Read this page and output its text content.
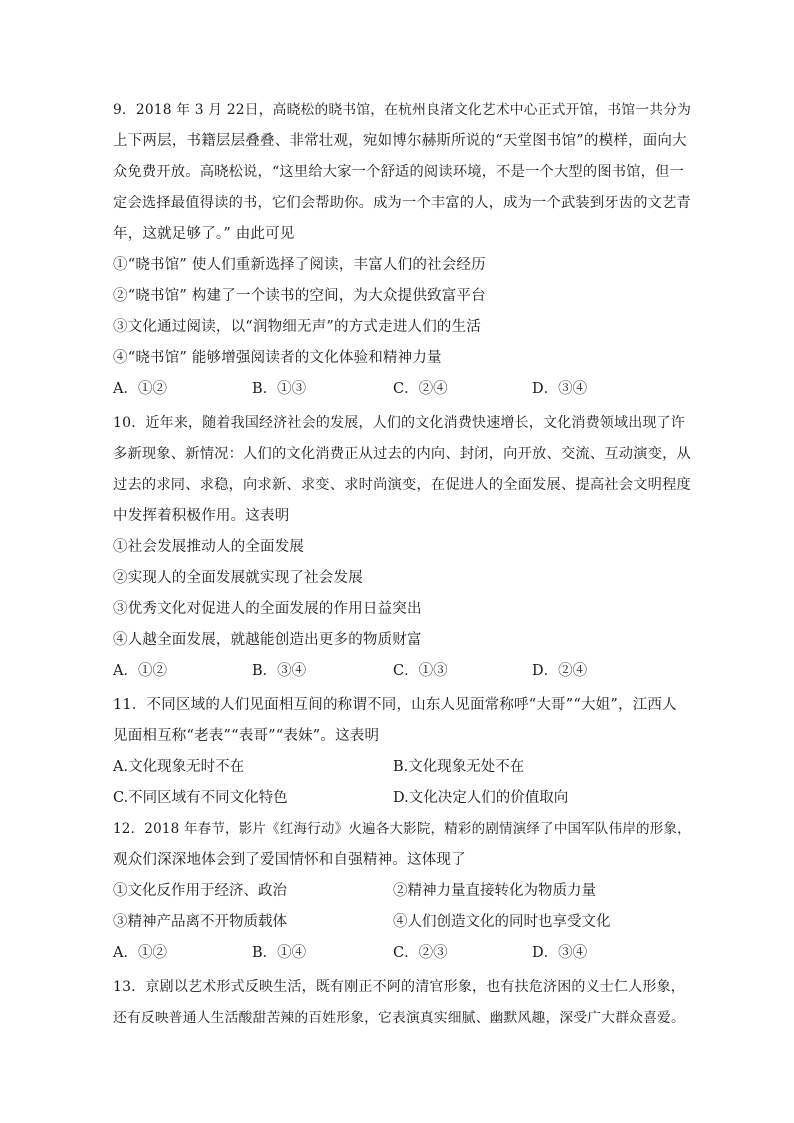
9．2018 年 3 月 22日，高晓松的晓书馆，在杭州良渚文化艺术中心正式开馆，书馆一共分为
上下两层，书籍层层叠叠、非常壮观，宛如博尔赫斯所说的“天堂图书馆”的模样，面向大
众免费开放。高晓松说，“这里给大家一个舒适的阅读环境，不是一个大型的图书馆，但一
定会选择最值得读的书，它们会帮助你。成为一个丰富的人，成为一个武装到牙齿的文艺青
年，这就足够了。” 由此可见
①“晓书馆” 使人们重新选择了阅读，丰富人们的社会经历
②“晓书馆” 构建了一个读书的空间，为大众提供致富平台
③文化通过阅读，以“润物细无声”的方式走进人们的生活
④“晓书馆” 能够增强阅读者的文化体验和精神力量
A．①②	B．①③	C．②④	D．③④
10．近年来，随着我国经济社会的发展，人们的文化消费快速增长，文化消费领域出现了许
多新现象、新情况：人们的文化消费正从过去的内向、封闭，向开放、交流、互动演变，从
过去的求同、求稳，向求新、求变、求时尚演变，在促进人的全面发展、提高社会文明程度
中发挥着积极作用。这表明
①社会发展推动人的全面发展
②实现人的全面发展就实现了社会发展
③优秀文化对促进人的全面发展的作用日益突出
④人越全面发展，就越能创造出更多的物质财富
A．①②	B．③④	C．①③	D．②④
11．不同区域的人们见面相互间的称谓不同，山东人见面常称呼“大哥”“大姐”，江西人
见面相互称“老表”“表哥”“表妹”。这表明
A.文化现象无时不在	B.文化现象无处不在
C.不同区域有不同文化特色	D.文化决定人们的价值取向
12．2018 年春节，影片《红海行动》火遍各大影院，精彩的剧情演绎了中国军队伟岸的形象，
观众们深深地体会到了爱国情怀和自强精神。这体现了
①文化反作用于经济、政治	②精神力量直接转化为物质力量
③精神产品离不开物质载体	④人们创造文化的同时也享受文化
A．①②	B．①④	C．②③	D．③④
13．京剧以艺术形式反映生活，既有刚正不阿的清官形象，也有扶危济困的义士仁人形象，
还有反映普通人生活酸甜苦辣的百姓形象，它表演真实细腻、幽默风趣，深受广大群众喜爱。
